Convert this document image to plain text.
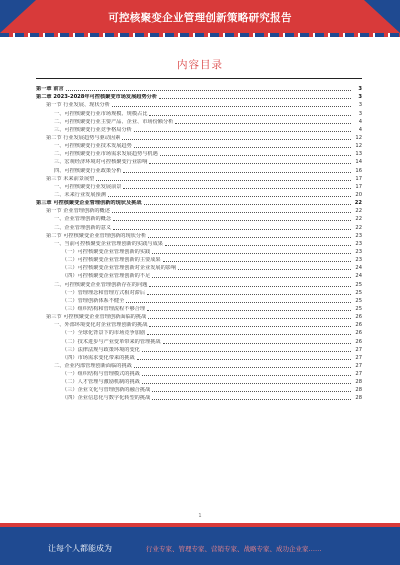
可控核聚变企业管理创新策略研究报告
内容目录
第一章 前言	3
第二章 2023-2028年可控核聚变市场发展趋势分析	3
第一节 行业发展、现状分析	3
一、可控核聚变行业市场规模、规模占比	3
二、可控核聚变行业主要产品、企业、市场份额分析	4
三、可控核聚变行业竞争格局分析	4
第二节 行业发展趋势与驱动因素	12
一、可控核聚变行业技术发展趋势	12
二、可控核聚变行业市场需求发展趋势与机遇	13
三、宏观经济环境对可控核聚变行业影响	14
四、可控核聚变行业政策分析	16
第三节 未来前景展望	17
一、可控核聚变行业发展前景	17
二、未来行业发展预测	20
第三章 可控核聚变企业管理创新的现状及挑战	22
第一节 企业管理创新的概述	22
一、企业管理创新的概念	22
二、企业管理创新的意义	22
第二节 可控核聚变企业管理创新的现状分析	23
一、当前可控核聚变企业管理创新的实践与成果	23
（一）可控核聚变企业管理创新的实践	23
（二）可控核聚变企业管理创新的主要成果	23
（三）可控核聚变企业管理创新对企业发展的影响	24
（四）可控核聚变企业管理创新的不足	24
二、可控核聚变企业管理创新存在的问题	25
（一）管理理念和管理方式相对滞后	25
（二）管理创新体系不健全	25
（三）组织结构和管理流程不够合理	25
第三节 可控核聚变企业管理创新面临的挑战	26
一、外部环境变化对企业管理创新的挑战	26
（一）全球化背景下的市场竞争加剧	26
（二）技术进步与产业变革带来的管理挑战	26
（三）法律法规与政策环境的变化	27
（四）市场需求变化带来的挑战	27
二、企业内部管理创新面临的挑战	27
（一）组织结构与管理模式的挑战	27
（二）人才管理与激励机制的挑战	28
（三）企业文化与管理创新的融合挑战	28
（四）企业信息化与数字化转型的挑战	28
1
让每个人都能成为	行业专家、管理专家、营销专家、战略专家、成功企业家……
